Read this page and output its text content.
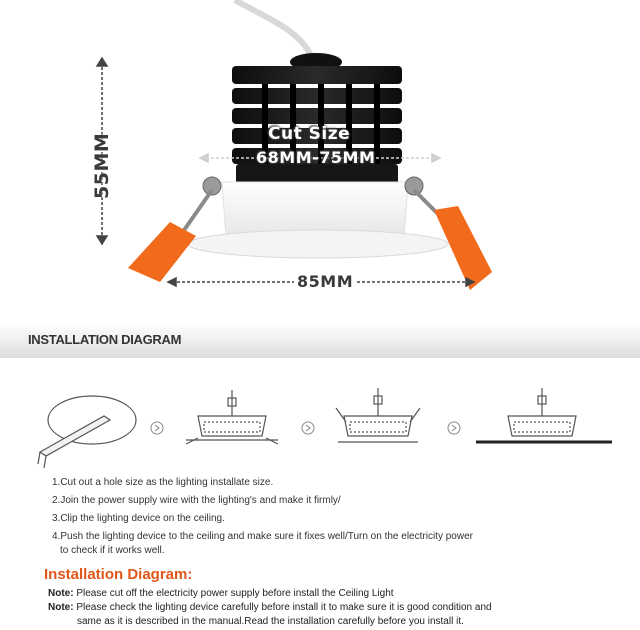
55MM	Cut Size
68MM-75MM
85MM
INSTALLATION DIAGRAM
1.Cut out a hole size as the lighting installate size.
2.Join the power supply wire with the lighting's and make it firmly/
3.Clip the lighting device on the ceiling.
4.Push the lighting device to the ceiling and make sure it fixes well/Turn on the electricity power
to check if it works well.
Installation Diagram:
Note: Please cut off the electricity power supply before install the Ceiling Light
Note: Please check the lighting device carefully before install it to make sure it is good condition and
same as it is described in the manual.Read the installation carefully before you install it.
